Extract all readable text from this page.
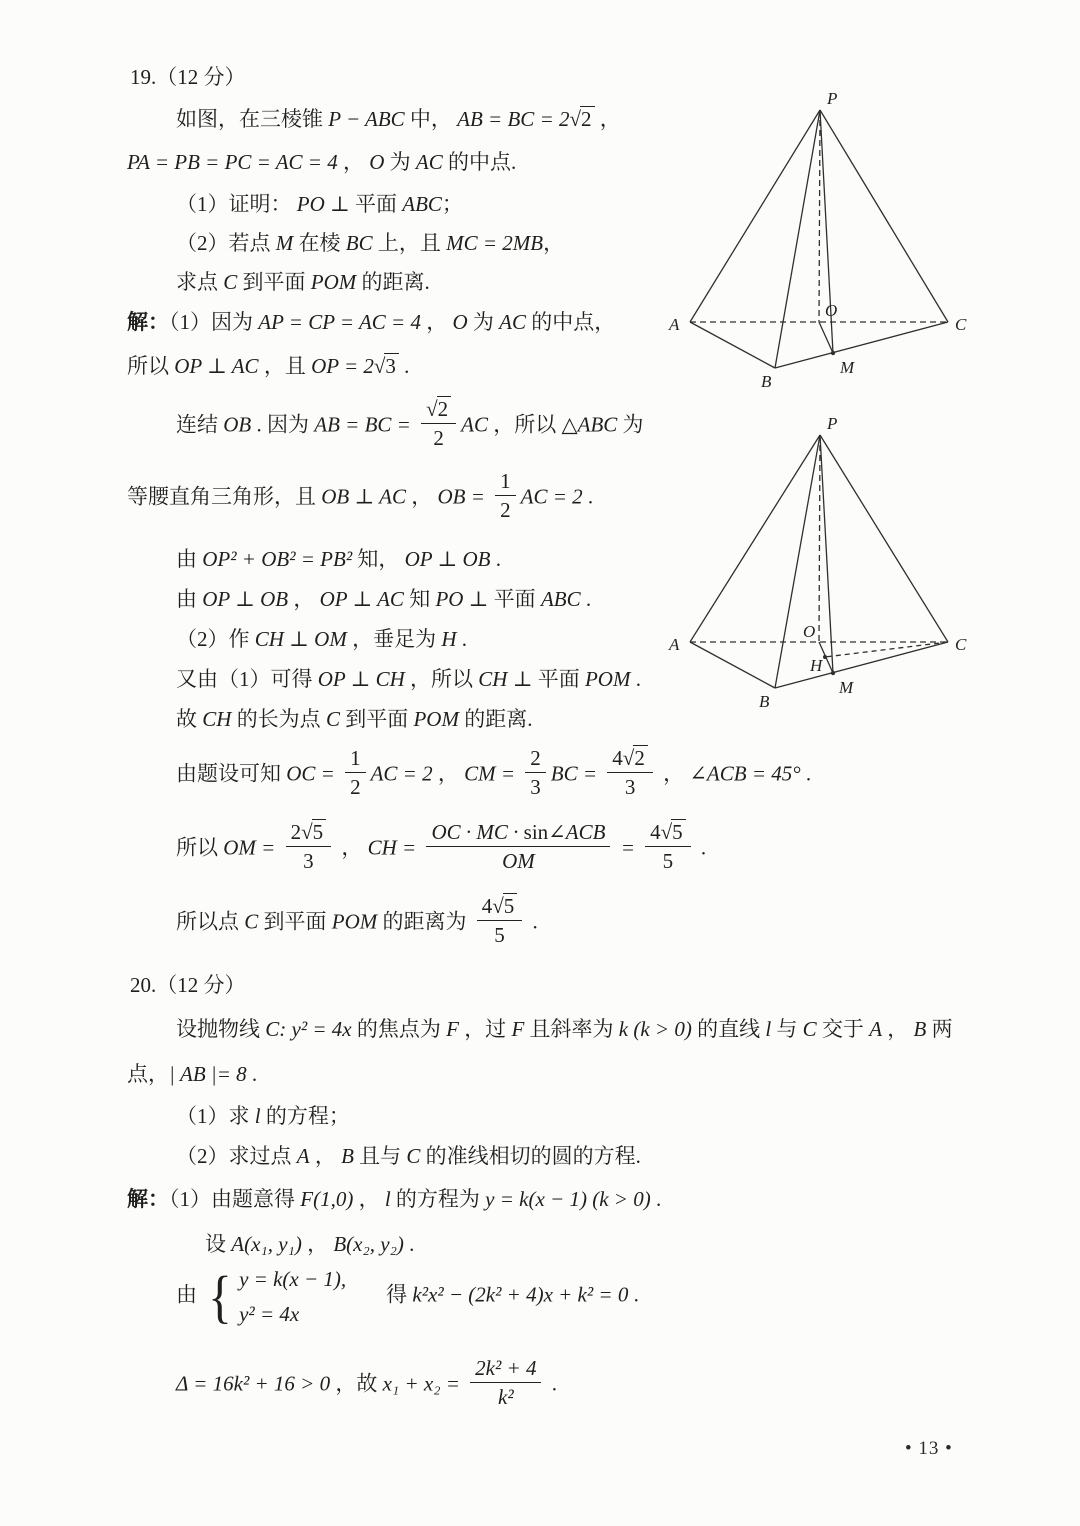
19.（12 分）
如图，在三棱锥 P − ABC 中， AB = BC = 2√2 ，
PA = PB = PC = AC = 4 ， O 为 AC 的中点.
（1）证明： PO ⊥ 平面 ABC；
（2）若点 M 在棱 BC 上，且 MC = 2MB，
求点 C 到平面 POM 的距离.
解：（1）因为 AP = CP = AC = 4 ， O 为 AC 的中点，
所以 OP ⊥ AC ，且 OP = 2√3 .
连结 OB . 因为 AB = BC = $\frac{√2}{2}$ AC ，所以 △ABC 为
等腰直角三角形，且 OB ⊥ AC ， OB = $\frac{1}{2}$ AC = 2 .
由 OP² + OB² = PB² 知， OP ⊥ OB .
由 OP ⊥ OB ， OP ⊥ AC 知 PO ⊥ 平面 ABC .
（2）作 CH ⊥ OM ，垂足为 H .
又由（1）可得 OP ⊥ CH ，所以 CH ⊥ 平面 POM .
故 CH 的长为点 C 到平面 POM 的距离.
由题设可知 OC = $\frac{1}{2}$ AC = 2 ， CM = $\frac{2}{3}$ BC = $\frac{4√2}{3}$ ， ∠ACB = 45° .
所以 OM = $\frac{2√5}{3}$ ， CH = $\frac{\text{OC · MC · sin∠ACB}}{OM} = \frac{4√5}{5}$ .
所以点 C 到平面 POM 的距离为 $\frac{4√5}{5}$ .
20.（12 分）
设抛物线 C: y² = 4x 的焦点为 F ，过 F 且斜率为 k (k > 0) 的直线 l 与 C 交于 A ， B 两
点，| AB |= 8 .
（1）求 l 的方程；
（2）求过点 A ， B 且与 C 的准线相切的圆的方程.
解：（1）由题意得 F(1,0) ， l 的方程为 y = k(x − 1) (k > 0) .
设 A(x₁, y₁) ， B(x₂, y₂) .
由 { y = k(x − 1),
y² = 4x
得 k²x² − (2k² + 4)x + k² = 0 .
Δ = 16k² + 16 > 0 ，故 $x_1 + x_2 = \frac{\text{2k² + 4}}{\text{k²}}$ .
P
A	C
B
O
M
P
A	C
B
O
H
M
• 13 •
